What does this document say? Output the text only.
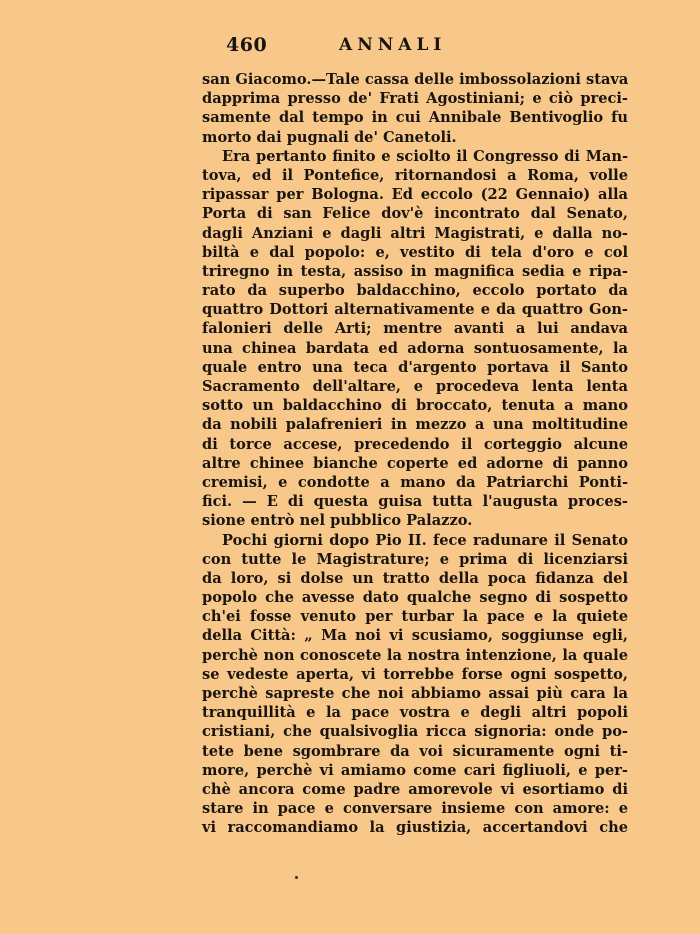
460	ANNALI
san Giacomo.—Tale cassa delle imbossolazioni stava
dapprima presso de' Frati Agostiniani; e ciò preci-
samente dal tempo in cui Annibale Bentivoglio fu
morto dai pugnali de' Canetoli.
Era pertanto finito e sciolto il Congresso di Man-
tova, ed il Pontefice, ritornandosi a Roma, volle
ripassar per Bologna. Ed eccolo (22 Gennaio) alla
Porta di san Felice dov'è incontrato dal Senato,
dagli Anziani e dagli altri Magistrati, e dalla no-
biltà e dal popolo: e, vestito di tela d'oro e col
triregno in testa, assiso in magnifica sedia e ripa-
rato da superbo baldacchino, eccolo portato da
quattro Dottori alternativamente e da quattro Gon-
falonieri delle Arti; mentre avanti a lui andava
una chinea bardata ed adorna sontuosamente, la
quale entro una teca d'argento portava il Santo
Sacramento dell'altare, e procedeva lenta lenta
sotto un baldacchino di broccato, tenuta a mano
da nobili palafrenieri in mezzo a una moltitudine
di torce accese, precedendo il corteggio alcune
altre chinee bianche coperte ed adorne di panno
cremisi, e condotte a mano da Patriarchi Ponti-
fici. — E di questa guisa tutta l'augusta proces-
sione entrò nel pubblico Palazzo.
Pochi giorni dopo Pio II. fece radunare il Senato
con tutte le Magistrature; e prima di licenziarsi
da loro, si dolse un tratto della poca fidanza del
popolo che avesse dato qualche segno di sospetto
ch'ei fosse venuto per turbar la pace e la quiete
della Città: „ Ma noi vi scusiamo, soggiunse egli,
perchè non conoscete la nostra intenzione, la quale
se vedeste aperta, vi torrebbe forse ogni sospetto,
perchè sapreste che noi abbiamo assai più cara la
tranquillità e la pace vostra e degli altri popoli
cristiani, che qualsivoglia ricca signoria: onde po-
tete bene sgombrare da voi sicuramente ogni ti-
more, perchè vi amiamo come cari figliuoli, e per-
chè ancora come padre amorevole vi esortiamo di
stare in pace e conversare insieme con amore: e
vi raccomandiamo la giustizia, accertandovi che
